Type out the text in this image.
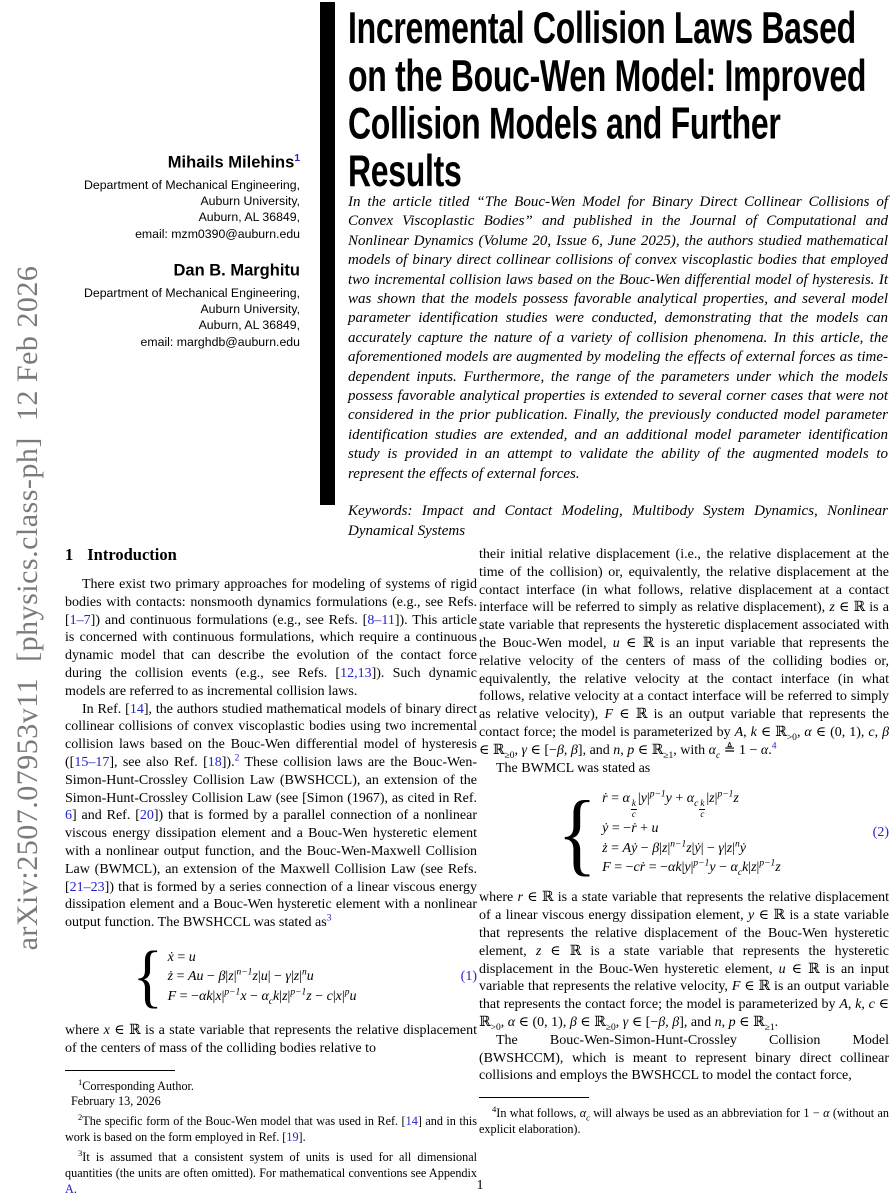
arXiv:2507.07953v11  [physics.class-ph]  12 Feb 2026
Mihails Milehins$^1$
Department of Mechanical Engineering,
Auburn University,
Auburn, AL 36849,
email: mzm0390@auburn.edu
Dan B. Marghitu
Department of Mechanical Engineering,
Auburn University,
Auburn, AL 36849,
email: marghdb@auburn.edu
Incremental Collision Laws Based on the Bouc-Wen Model: Improved Collision Models and Further Results

In the article titled “The Bouc-Wen Model for Binary Direct Collinear Collisions of Convex Viscoplastic Bodies” and published in the Journal of Computational and Nonlinear Dynamics (Volume 20, Issue 6, June 2025), the authors studied mathematical models of binary direct collinear collisions of convex viscoplastic bodies that employed two incremental collision laws based on the Bouc-Wen differential model of hysteresis. It was shown that the models possess favorable analytical properties, and several model parameter identification studies were conducted, demonstrating that the models can accurately capture the nature of a variety of collision phenomena. In this article, the aforementioned models are augmented by modeling the effects of external forces as time-dependent inputs. Furthermore, the range of the parameters under which the models possess favorable analytical properties is extended to several corner cases that were not considered in the prior publication. Finally, the previously conducted model parameter identification studies are extended, and an additional model parameter identification study is provided in an attempt to validate the ability of the augmented models to represent the effects of external forces.

Keywords: Impact and Contact Modeling, Multibody System Dynamics, Nonlinear Dynamical Systems

1 Introduction

There exist two primary approaches for modeling of systems of rigid bodies with contacts: nonsmooth dynamics formulations (e.g., see Refs. [1–7]) and continuous formulations (e.g., see Refs. [8–11]). This article is concerned with continuous formulations, which require a continuous dynamic model that can describe the evolution of the contact force during the collision events (e.g., see Refs. [12,13]). Such dynamic models are referred to as incremental collision laws.

In Ref. [14], the authors studied mathematical models of binary direct collinear collisions of convex viscoplastic bodies using two incremental collision laws based on the Bouc-Wen differential model of hysteresis ([15–17], see also Ref. [18]).$^2$ These collision laws are the Bouc-Wen-Simon-Hunt-Crossley Collision Law (BWSHCCL), an extension of the Simon-Hunt-Crossley Collision Law (see [Simon (1967), as cited in Ref. 6] and Ref. [20]) that is formed by a parallel connection of a nonlinear viscous energy dissipation element and a Bouc-Wen hysteretic element with a nonlinear output function, and the Bouc-Wen-Maxwell Collision Law (BWMCL), an extension of the Maxwell Collision Law (see Refs. [21–23]) that is formed by a series connection of a linear viscous energy dissipation element and a Bouc-Wen hysteretic element with a nonlinear output function. The BWSHCCL was stated $as^3$

{ ẋ = u
ż = $Au - \beta|z|^{n-1}z|u| - \gamma|z|^nu$
$F = -\alpha k|x|^{p-1}x - \alpha_ck|z|^{p-1}z - c|x|^pu$
(1)

where x ∈ ℝ is a state variable that represents the relative displacement of the centers of mass of the colliding bodies relative to

$^1$Corresponding Author.

February 13, 2026

$^2$The specific form of the Bouc-Wen model that was used in Ref. [14] and in this work is based on the form employed in Ref. [19].

$^3$It is assumed that a consistent system of units is used for all dimensional quantities (the units are often omitted). For mathematical conventions see Appendix A.

their initial relative displacement (i.e., the relative displacement at the time of the collision) or, equivalently, the relative displacement at the contact interface (in what follows, relative displacement at a contact interface will be referred to simply as relative displacement), z ∈ ℝ is a state variable that represents the hysteretic displacement associated with the Bouc-Wen model, u ∈ ℝ is an input variable that represents the relative velocity of the centers of mass of the colliding bodies or, equivalently, the relative velocity at the contact interface (in what follows, relative velocity at a contact interface will be referred to simply as relative velocity), F ∈ ℝ is an output variable that represents the contact force; the model is parameterized by A, k ∈ ℝ$_{>0}$, α ∈ (0, 1), c, β ∈ ℝ$_{\ge 0}$, γ ∈ [−β, β], and n, p ∈ ℝ$_{\ge 1}$, with $\alpha_c$ ≜ 1 − α.$^4$

The BWMCL was stated as

{ ṙ = α
$\frac{k}{c}$
$|y|^{p-1}y + \alpha_c \frac{k}{c}$
$|z|^{p-1}z$
ẏ = −ṙ + u
ż = Aẏ − $\beta|z|^{n-1}z|ẏ|$ − $\gamma|z|^nẏ$
F = −cṙ = $-\alpha k|y|^{p-1}y - \alpha_ck|z|^{p-1}z$
(2)

where r ∈ ℝ is a state variable that represents the relative displacement of a linear viscous energy dissipation element, y ∈ ℝ is a state variable that represents the relative displacement of the Bouc-Wen hysteretic element, z ∈ ℝ is a state variable that represents the hysteretic displacement in the Bouc-Wen hysteretic element, u ∈ ℝ is an input variable that represents the relative velocity, F ∈ ℝ is an output variable that represents the contact force; the model is parameterized by A, k, c ∈ ℝ$_{>0}$, α ∈ (0, 1), β ∈ ℝ$_{\ge 0}$, γ ∈ [−β, β], and n, p ∈ ℝ$_{\ge 1}$.

The Bouc-Wen-Simon-Hunt-Crossley Collision Model (BWSHCCM), which is meant to represent binary direct collinear collisions and employs the BWSHCCL to model the contact force,

$^4$In what follows, $\alpha_c$ will always be used as an abbreviation for 1 − α (without an explicit elaboration).

1
